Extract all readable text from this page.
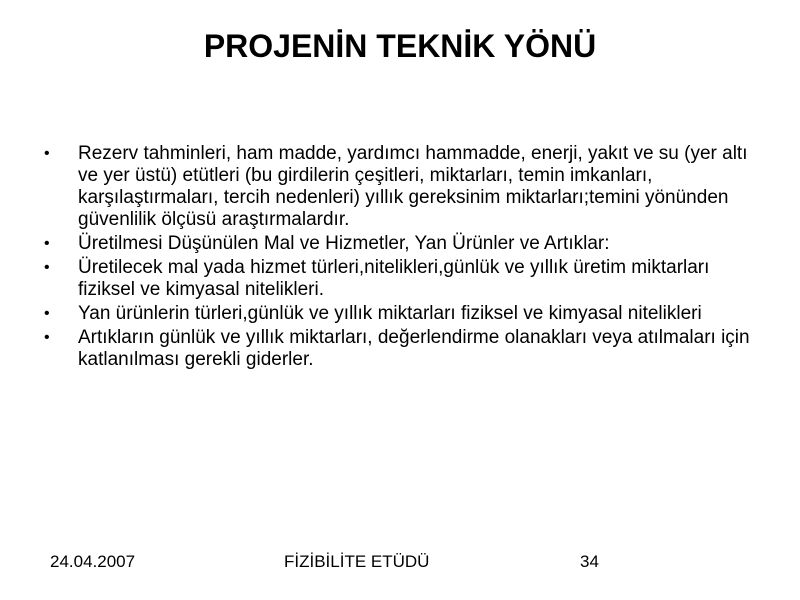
PROJENİN TEKNİK YÖNÜ
• Rezerv tahminleri, ham madde, yardımcı hammadde, enerji, yakıt ve su (yer altı ve yer üstü) etütleri (bu girdilerin çeşitleri, miktarları, temin imkanları, karşılaştırmaları, tercih nedenleri) yıllık gereksinim miktarları;temini yönünden güvenlilik ölçüsü araştırmalardır.
• Üretilmesi Düşünülen Mal ve Hizmetler, Yan Ürünler ve Artıklar:
• Üretilecek mal yada hizmet türleri,nitelikleri,günlük ve yıllık üretim miktarları fiziksel ve kimyasal nitelikleri.
• Yan ürünlerin türleri,günlük ve yıllık miktarları fiziksel ve kimyasal nitelikleri
• Artıkların günlük ve yıllık miktarları, değerlendirme olanakları veya atılmaları için katlanılması gerekli giderler.
24.04.2007	FİZİBİLİTE ETÜDÜ	34
